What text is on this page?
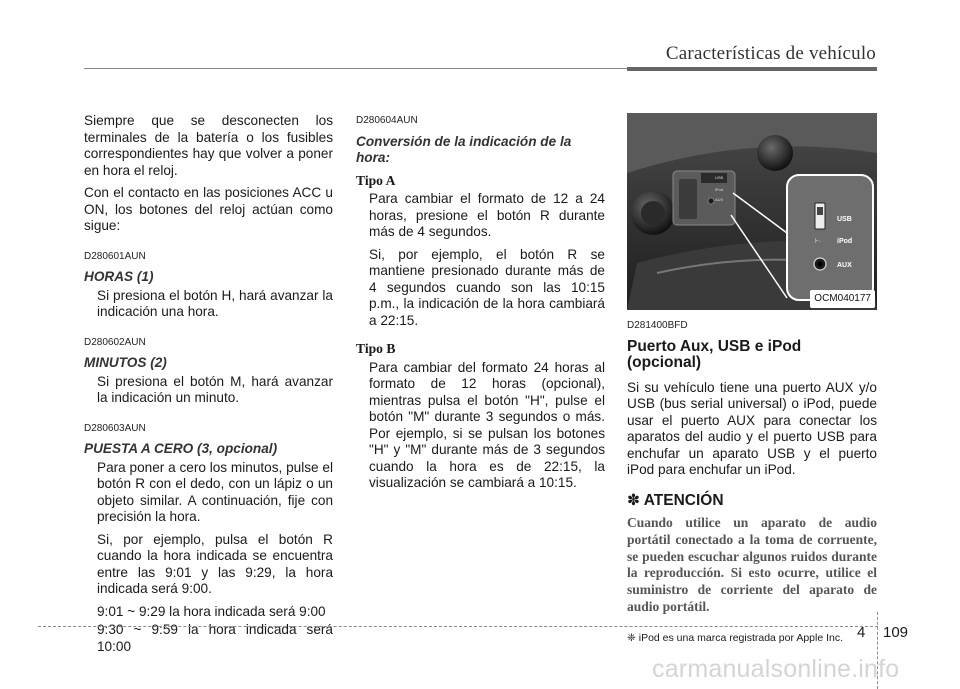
Características de vehículo

Siempre que se desconecten los terminales de la batería o los fusibles correspondientes hay que volver a poner en hora el reloj.

Con el contacto en las posiciones ACC u ON, los botones del reloj actúan como sigue:

D280601AUN
HORAS (1)

Si presiona el botón H, hará avanzar la indicación una hora.

D280602AUN
MINUTOS (2)

Si presiona el botón M, hará avanzar la indicación un minuto.

D280603AUN
PUESTA A CERO (3, opcional)

Para poner a cero los minutos, pulse el botón R con el dedo, con un lápiz o un objeto similar. A continuación, fije con precisión la hora.

Si, por ejemplo, pulsa el botón R cuando la hora indicada se encuentra entre las 9:01 y las 9:29, la hora indicada será 9:00.

9:01 ~ 9:29 la hora indicada será 9:00

9:30 ~ 9:59 la hora indicada será 10:00

D280604AUN
Conversión de la indicación de la hora:
Tipo A

Para cambiar el formato de 12 a 24 horas, presione el botón R durante más de 4 segundos.

Si, por ejemplo, el botón R se mantiene presionado durante más de 4 segundos cuando son las 10:15 p.m., la indicación de la hora cambiará a 22:15.

Tipo B

Para cambiar del formato 24 horas al formato de 12 horas (opcional), mientras pulsa el botón "H", pulse el botón "M" durante 3 segundos o más. Por ejemplo, si se pulsan los botones "H" y "M" durante más de 3 segundos cuando la hora es de 22:15, la visualización se cambiará a 10:15.

USB
iPod
AUX
USB
⊦· iPod
AUX
OCM040177
D281400BFD
Puerto Aux, USB e iPod (opcional)

Si su vehículo tiene una puerto AUX y/o USB (bus serial universal) o iPod, puede usar el puerto AUX para conectar los aparatos del audio y el puerto USB para enchufar un aparato USB y el puerto iPod para enchufar un iPod.

✽ ATENCIÓN

Cuando utilice un aparato de audio portátil conectado a la toma de corruente, se pueden escuchar algunos ruidos durante la reproducción. Si esto ocurre, utilice el suministro de corriente del aparato de audio portátil.

❈ iPod es una marca registrada por Apple Inc. 4 109
carmanualsonline.info
